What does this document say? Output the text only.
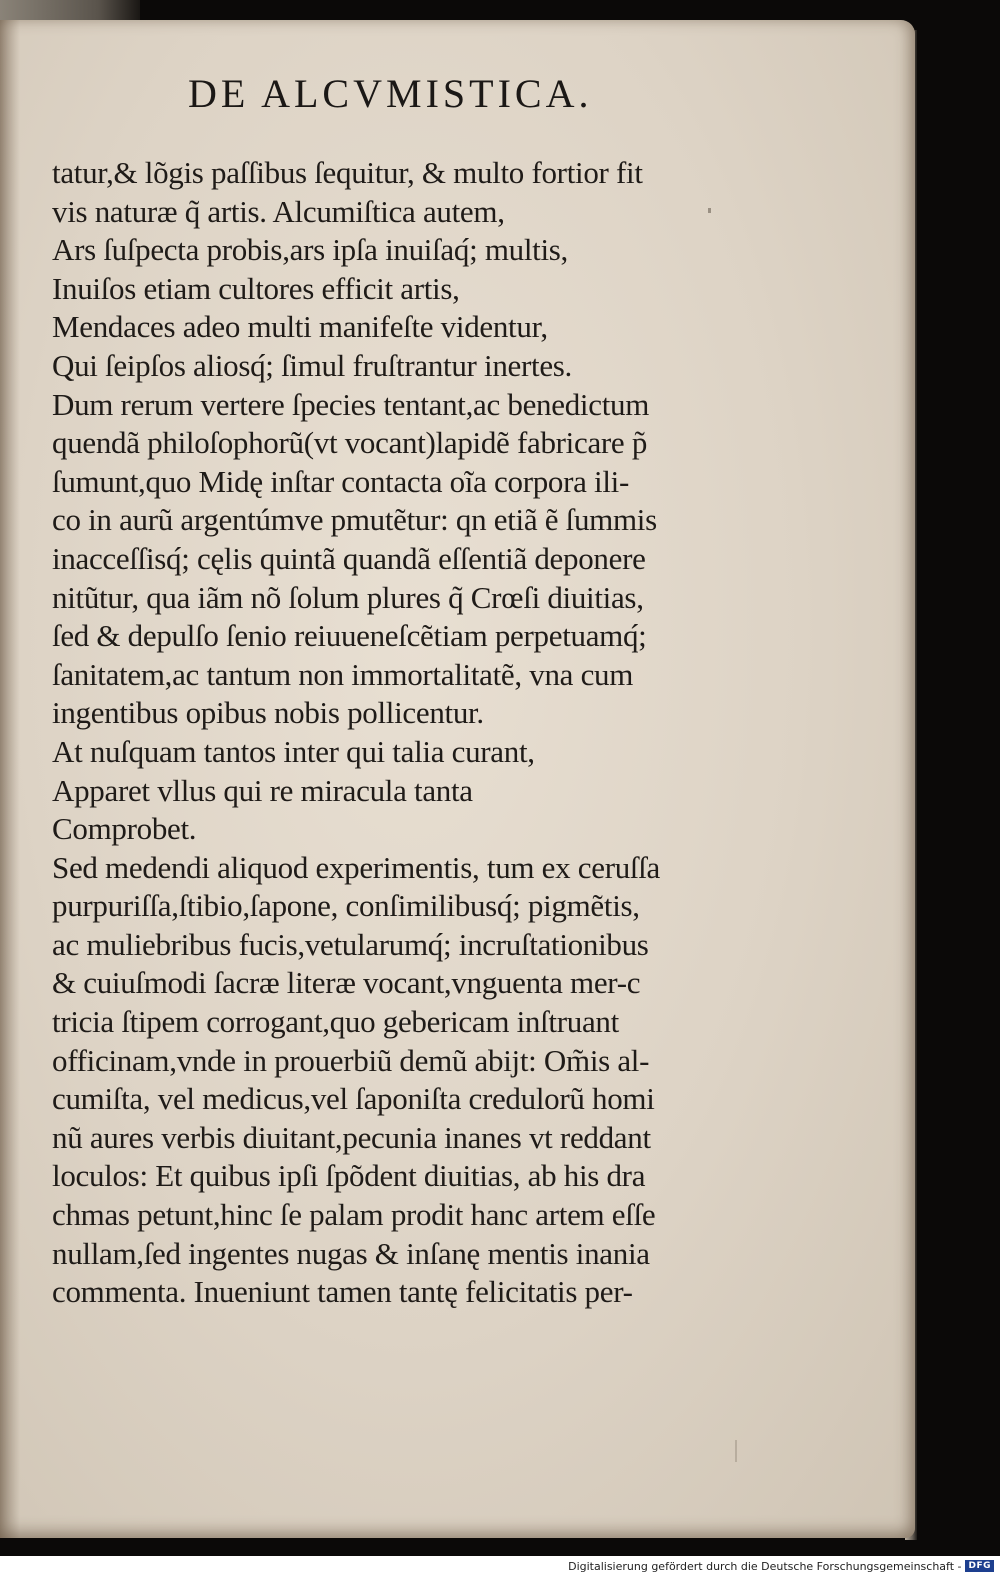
DE ALCVMISTICA.
tatur,& lõgis paſſibus ſequitur, & multo fortior fit
vis naturæ q̃ artis. Alcumiſtica autem,
Ars ſuſpecta probis,ars ipſa inuiſaq́; multis,
Inuiſos etiam cultores efficit artis,
Mendaces adeo multi manifeſte videntur,
Qui ſeipſos aliosq́; ſimul fruſtrantur inertes.
Dum rerum vertere ſpecies tentant,ac benedictum
quendã philoſophorũ(vt vocant)lapidẽ fabricare p̃
ſumunt,quo Midę inſtar contacta oĩa corpora ili-
co in aurũ argentúmve pmutẽtur: qn etiã ẽ ſummis
inacceſſisq́; cęlis quintã quandã eſſentiã deponere
nitũtur, qua iãm nõ ſolum plures q̃ Crœſi diuitias,
ſed & depulſo ſenio reiuueneſcẽtiam perpetuamq́;
ſanitatem,ac tantum non immortalitatẽ, vna cum
ingentibus opibus nobis pollicentur.
At nuſquam tantos inter qui talia curant,
Apparet vllus qui re miracula tanta
Comprobet.
Sed medendi aliquod experimentis, tum ex ceruſſa
purpuriſſa,ſtibio,ſapone, conſimilibusq́; pigmẽtis,
ac muliebribus fucis,vetularumq́; incruſtationibus
& cuiuſmodi ſacræ literæ vocant,vnguenta mer-c
tricia ſtipem corrogant,quo gebericam inſtruant
officinam,vnde in prouerbiũ demũ abijt: Om̃is al-
cumiſta, vel medicus,vel ſaponiſta credulorũ homi
nũ aures verbis diuitant,pecunia inanes vt reddant
loculos: Et quibus ipſi ſpõdent diuitias, ab his dra
chmas petunt,hinc ſe palam prodit hanc artem eſſe
nullam,ſed ingentes nugas & inſanę mentis inania
commenta. Inueniunt tamen tantę felicitatis per-
Digitalisierung gefördert durch die Deutsche Forschungsgemeinschaft - DFG
